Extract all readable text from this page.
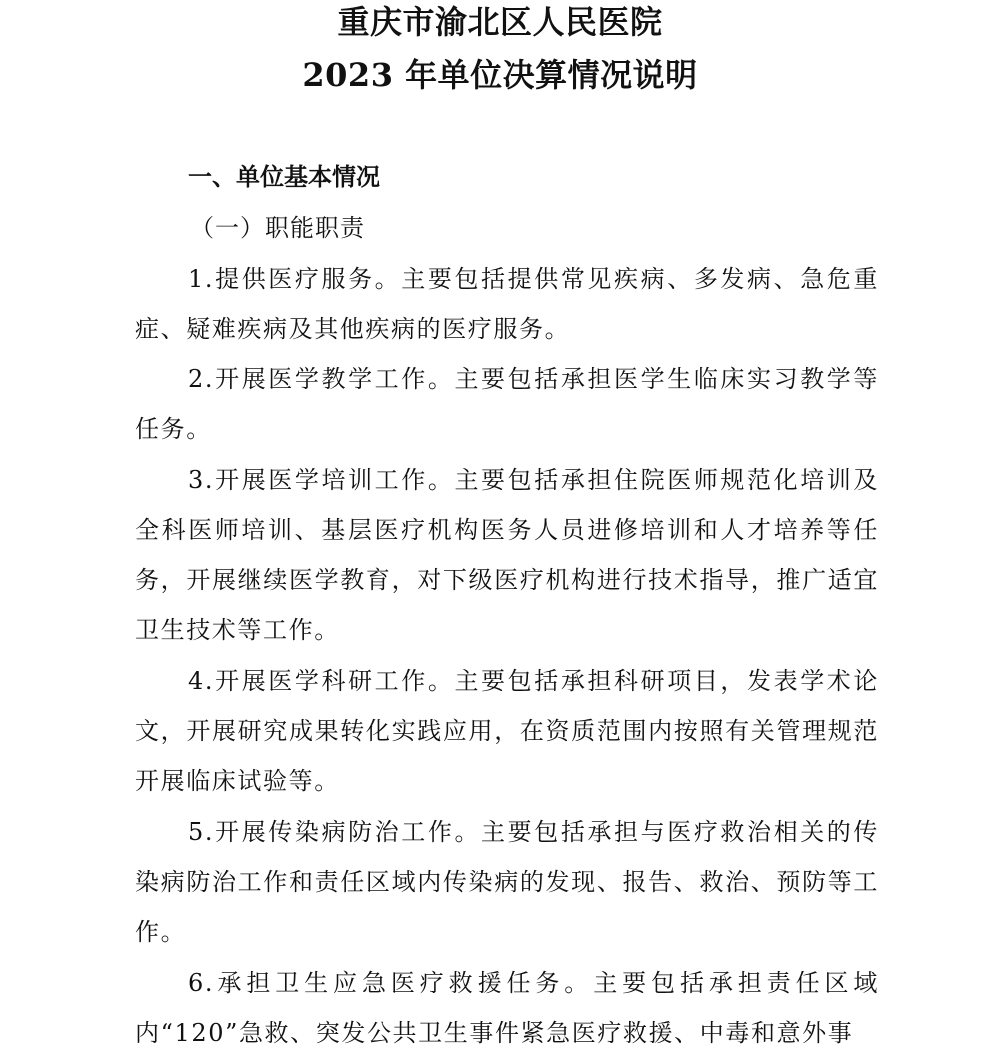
重庆市渝北区人民医院
2023 年单位决算情况说明
一、单位基本情况
（一）职能职责

1.提供医疗服务。主要包括提供常见疾病、多发病、急危重症、疑难疾病及其他疾病的医疗服务。

2.开展医学教学工作。主要包括承担医学生临床实习教学等任务。

3.开展医学培训工作。主要包括承担住院医师规范化培训及全科医师培训、基层医疗机构医务人员进修培训和人才培养等任务，开展继续医学教育，对下级医疗机构进行技术指导，推广适宜卫生技术等工作。

4.开展医学科研工作。主要包括承担科研项目，发表学术论文，开展研究成果转化实践应用，在资质范围内按照有关管理规范开展临床试验等。

5.开展传染病防治工作。主要包括承担与医疗救治相关的传染病防治工作和责任区域内传染病的发现、报告、救治、预防等工作。

6.承担卫生应急医疗救援任务。主要包括承担责任区域内“120”急救、突发公共卫生事件紧急医疗救援、中毒和意外事
